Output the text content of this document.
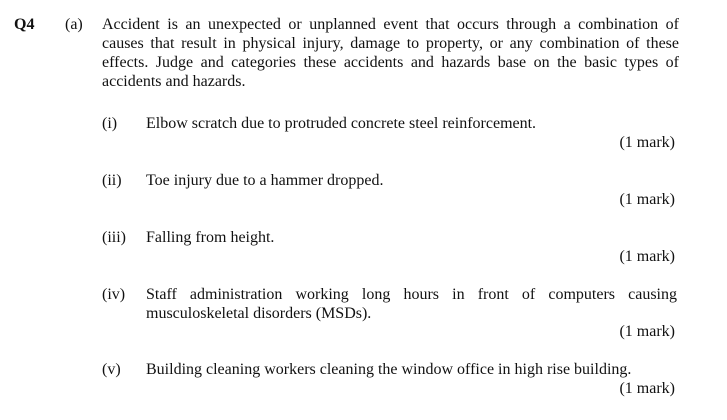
Q4 (a) Accident is an unexpected or unplanned event that occurs through a combination of causes that result in physical injury, damage to property, or any combination of these effects. Judge and categories these accidents and hazards base on the basic types of accidents and hazards.
(i) Elbow scratch due to protruded concrete steel reinforcement.
(1 mark)
(ii) Toe injury due to a hammer dropped.
(1 mark)
(iii) Falling from height.
(1 mark)
(iv) Staff administration working long hours in front of computers causing musculoskeletal disorders (MSDs).
(1 mark)
(v) Building cleaning workers cleaning the window office in high rise building.
(1 mark)
